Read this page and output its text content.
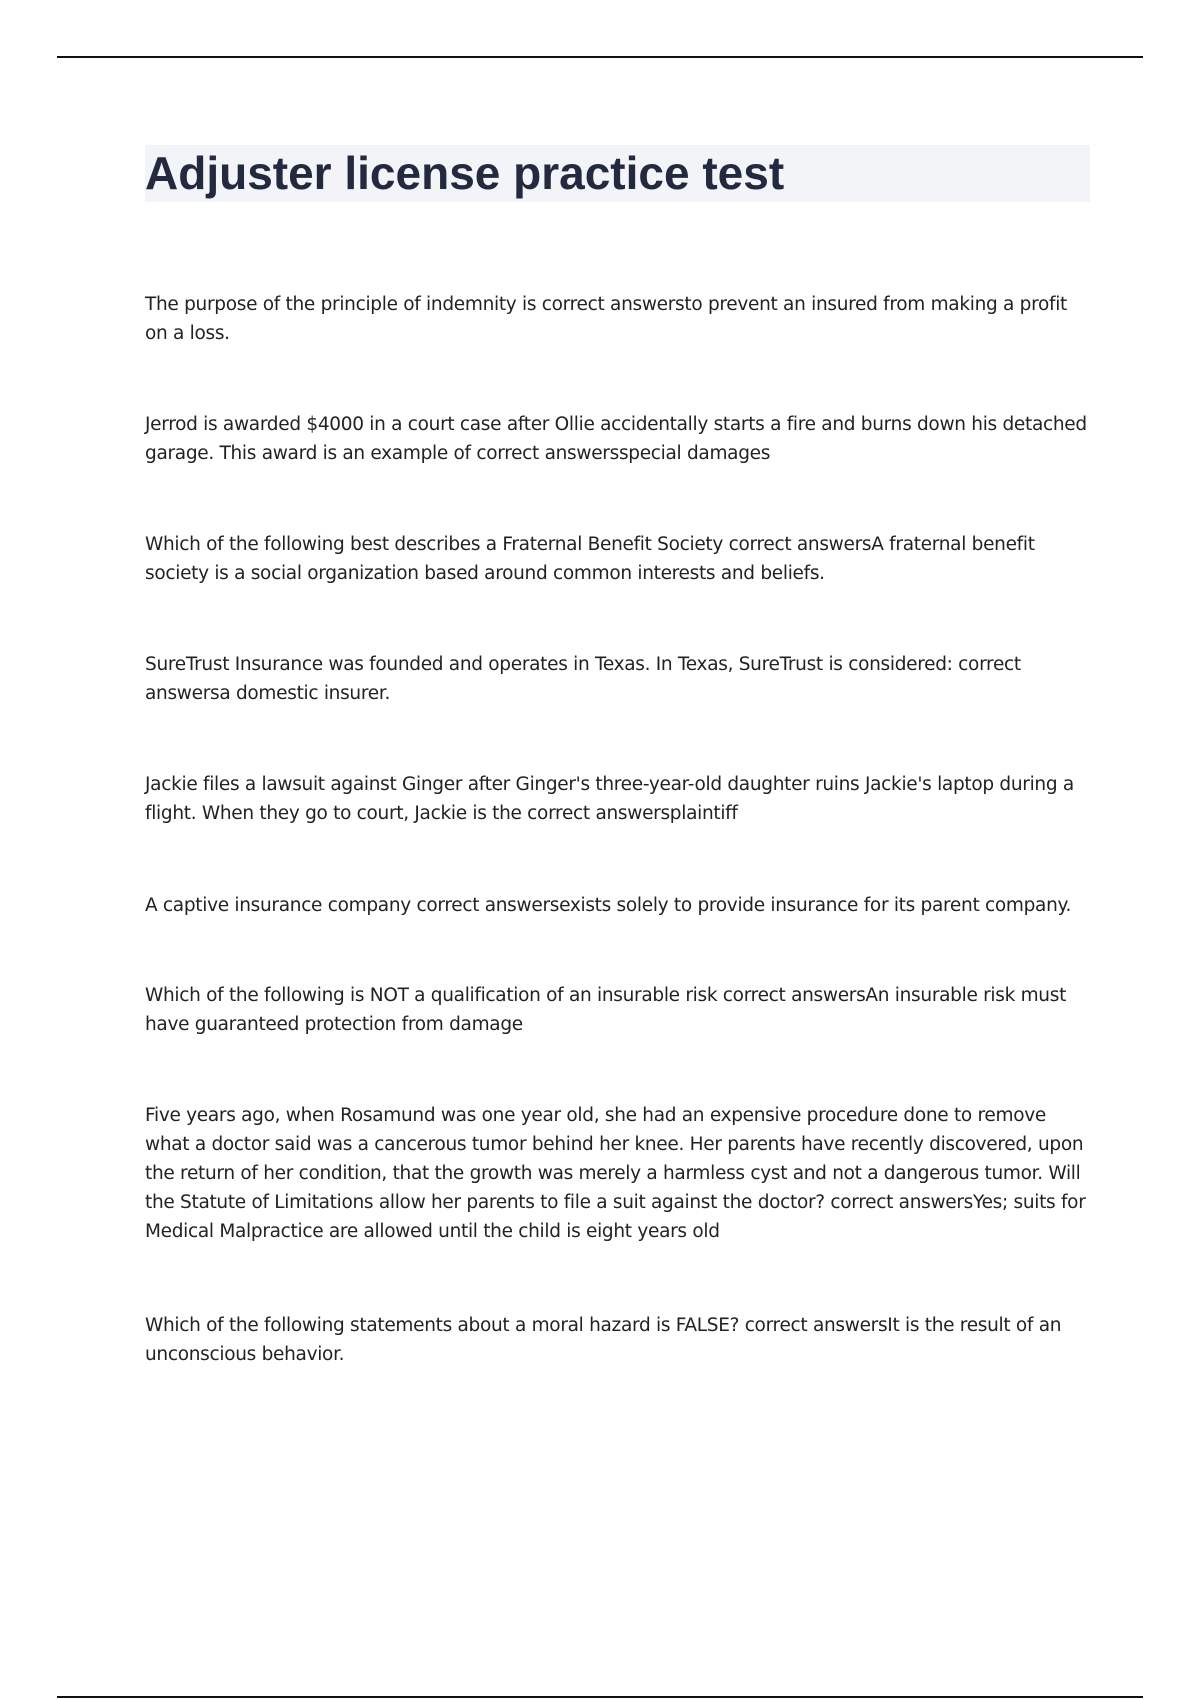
Adjuster license practice test

The purpose of the principle of indemnity is correct answersto prevent an insured from making a profit on a loss.

Jerrod is awarded $4000 in a court case after Ollie accidentally starts a fire and burns down his detached garage. This award is an example of correct answersspecial damages

Which of the following best describes a Fraternal Benefit Society correct answersA fraternal benefit society is a social organization based around common interests and beliefs.

SureTrust Insurance was founded and operates in Texas. In Texas, SureTrust is considered: correct answersa domestic insurer.

Jackie files a lawsuit against Ginger after Ginger's three-year-old daughter ruins Jackie's laptop during a flight. When they go to court, Jackie is the correct answersplaintiff

A captive insurance company correct answersexists solely to provide insurance for its parent company.

Which of the following is NOT a qualification of an insurable risk correct answersAn insurable risk must have guaranteed protection from damage

Five years ago, when Rosamund was one year old, she had an expensive procedure done to remove what a doctor said was a cancerous tumor behind her knee. Her parents have recently discovered, upon the return of her condition, that the growth was merely a harmless cyst and not a dangerous tumor. Will the Statute of Limitations allow her parents to file a suit against the doctor? correct answersYes; suits for Medical Malpractice are allowed until the child is eight years old

Which of the following statements about a moral hazard is FALSE? correct answersIt is the result of an unconscious behavior.
